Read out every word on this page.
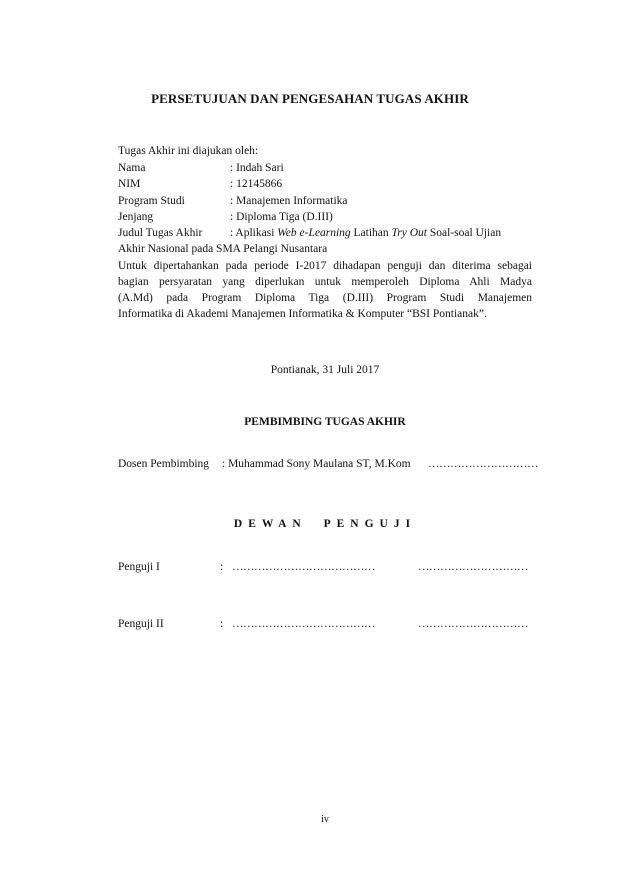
PERSETUJUAN DAN PENGESAHAN TUGAS AKHIR
Tugas Akhir ini diajukan oleh:
Nama	: Indah Sari
NIM	: 12145866
Program Studi	: Manajemen Informatika
Jenjang	: Diploma Tiga (D.III)
Judul Tugas Akhir : Aplikasi Web e-Learning Latihan Try Out Soal-soal Ujian
Akhir Nasional pada SMA Pelangi Nusantara
Untuk dipertahankan pada periode I-2017 dihadapan penguji dan diterima sebagai
bagian persyaratan yang diperlukan untuk memperoleh Diploma Ahli Madya
(A.Md) pada Program Diploma Tiga (D.III) Program Studi Manajemen
Informatika di Akademi Manajemen Informatika & Komputer “BSI Pontianak”.
Pontianak, 31 Juli 2017
PEMBIMBING TUGAS AKHIR
Dosen Pembimbing : Muhammad Sony Maulana ST, M.Kom …………………………
DEWAN PENGUJI
Penguji I	: …………………………………	…………………………
Penguji II	: …………………………………	…………………………
iv
